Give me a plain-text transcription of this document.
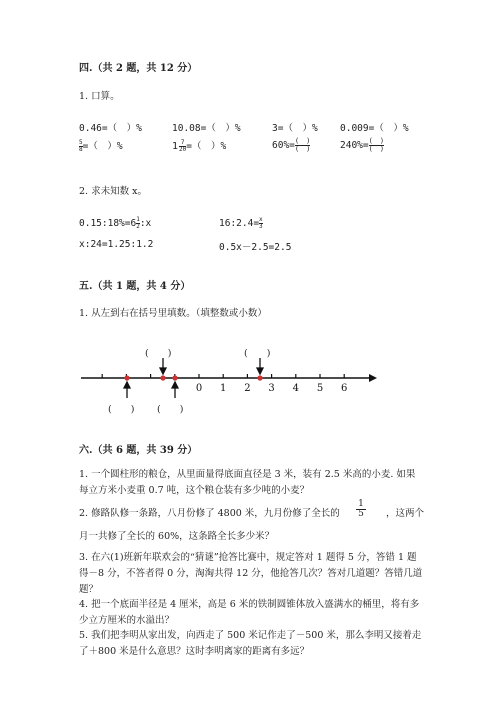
四.（共 2 题，共 12 分）
1. 口算。
0.46=（　）%	10.08=（　）%	3=（　）% 0.009=（　）%
$\frac{5}{8}$ =（　）%	$1 \frac{7}{20}$ =（　）%	$60\%= \frac{( )}{( )}$	$240\%= \frac{( )}{( )}$
2. 求未知数 x。
0.15:18%=6 $\frac{1}{2}$ :x	16:2.4= $\frac{x}{3}$
x:24=1.25:1.2	0.5x－2.5=2.5
五.（共 1 题，共 4 分）
1. 从左到右在括号里填数。（填整数或小数）
(　　)	(　　)
(　　) (　　)
0 1 2 3 4 5 6
六.（共 6 题，共 39 分）
1. 一个圆柱形的粮仓，从里面量得底面直径是 3 米，装有 2.5 米高的小麦. 如果每立方米小麦重 0.7 吨，这个粮仓装有多少吨的小麦？
2. 修路队修一条路，八月份修了 4800 米，九月份修了全长的 $\frac{1}{5}$ ，这两个
月一共修了全长的 60%，这条路全长多少米？
3. 在六(1)班新年联欢会的“猜谜”抢答比赛中，规定答对 1 题得 5 分，答错 1 题得－8 分，不答者得 0 分，淘淘共得 12 分，他抢答几次？答对几道题？答错几道题？
4. 把一个底面半径是 4 厘米，高是 6 米的铁制圆锥体放入盛满水的桶里，将有多少立方厘米的水溢出？
5. 我们把李明从家出发，向西走了 500 米记作走了－500 米，那么李明又接着走了＋800 米是什么意思？这时李明离家的距离有多远？
